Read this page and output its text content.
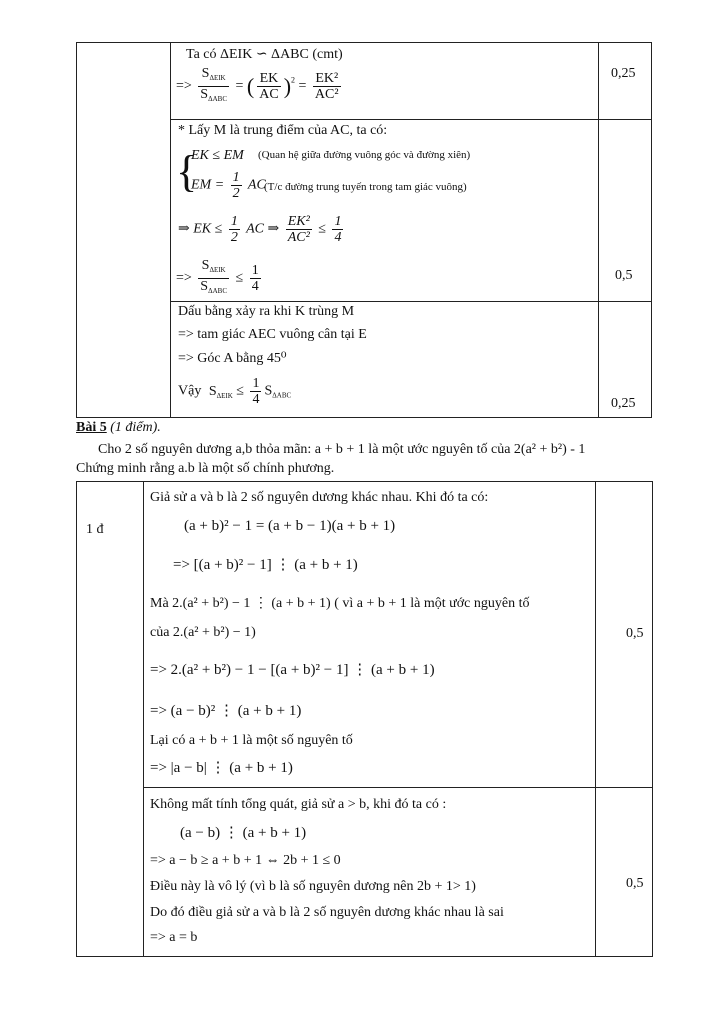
Ta có ΔEIK ∽ ΔABC (cmt)
=> $\frac{S_{\Delta EIK}}{S_{\Delta ABC}}$ = ( $\frac{EK}{AC} )^2 = \frac{\text{EK²}}{\text{AC²}}$	0,25
* Lấy M là trung điểm của AC, ta có:
{
EK ≤ EM (Quan hệ giữa đường vuông góc và đường xiên)
EM = $\frac{1}{2}$ AC
(T/c đường trung tuyến trong tam giác vuông)
⇒ EK ≤ $\frac{1}{2}$ AC ⇒ $\frac{\text{EK²}}{\text{AC²}} \le \frac{1}{4}$
=> $\frac{S_{\Delta EIK}}{S_{\Delta ABC}} \le \frac{1}{4}$	0,5
Dấu bằng xảy ra khi K trùng M
=> tam giác AEC vuông cân tại E
=> Góc A bằng 45⁰
Vậy $S_{\Delta EIK} \le \frac{1}{4} S_{\Delta ABC}$
0,25
Bài 5 (1 điểm).
Cho 2 số nguyên dương a,b thỏa mãn: a + b + 1 là một ước nguyên tố của 2(a² + b²) - 1
Chứng minh rằng a.b là một số chính phương.
1 đ
Giả sử a và b là 2 số nguyên dương khác nhau. Khi đó ta có:
(a + b)² − 1 = (a + b − 1)(a + b + 1)
=> [(a + b)² − 1] ⋮ (a + b + 1)
Mà 2.(a² + b²) − 1 ⋮ (a + b + 1) ( vì a + b + 1 là một ước nguyên tố
của 2.(a² + b²) − 1)
=> 2.(a² + b²) − 1 − [(a + b)² − 1] ⋮ (a + b + 1)
=> (a − b)² ⋮ (a + b + 1)
Lại có a + b + 1 là một số nguyên tố
=> |a − b| ⋮ (a + b + 1)
0,5
Không mất tính tổng quát, giả sử a > b, khi đó ta có :
(a − b) ⋮ (a + b + 1)
=> a − b ≥ a + b + 1 ⇔ 2b + 1 ≤ 0
Điều này là vô lý (vì b là số nguyên dương nên 2b + 1> 1)
Do đó điều giả sử a và b là 2 số nguyên dương khác nhau là sai
=> a = b
0,5
